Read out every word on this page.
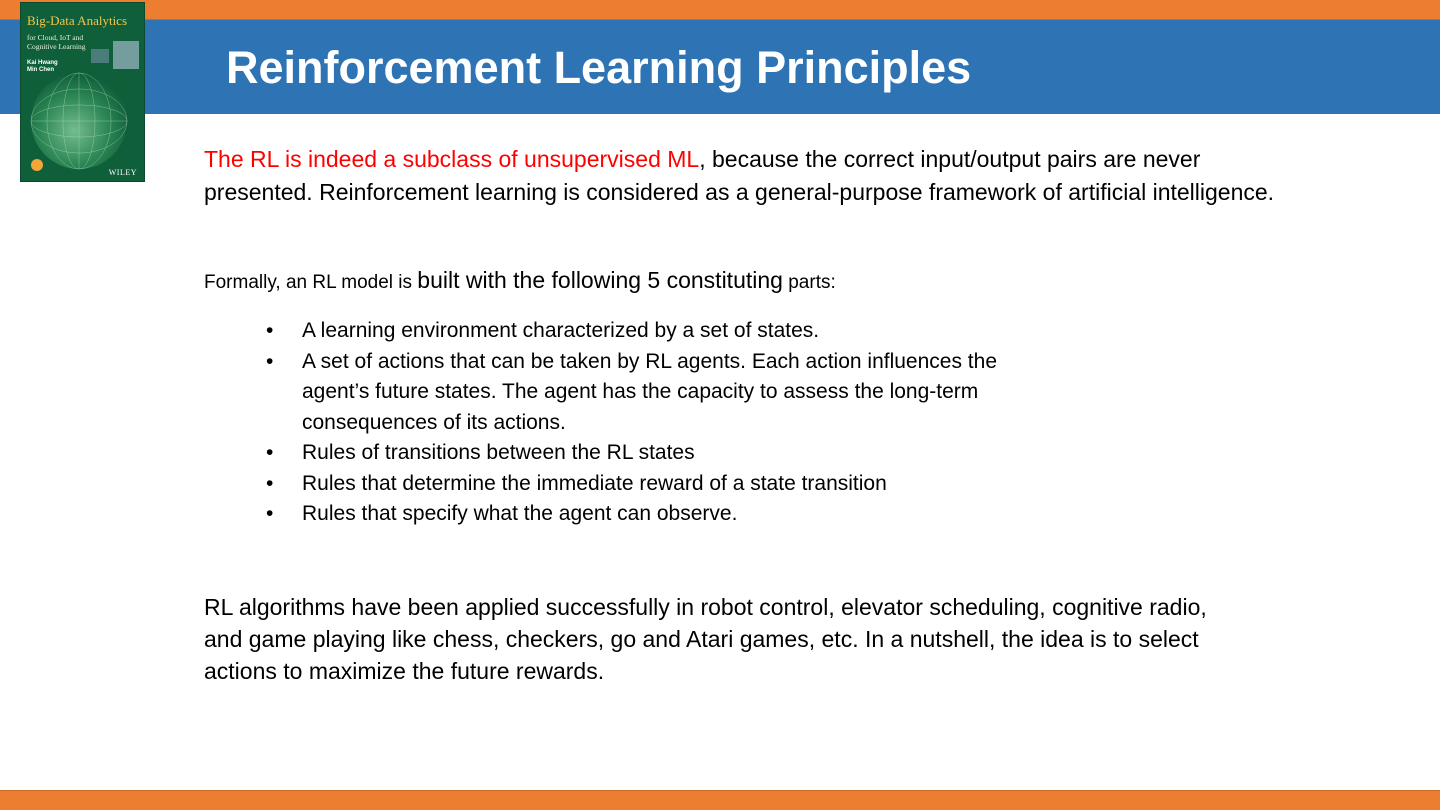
Reinforcement Learning Principles
Big-Data Analytics
for Cloud, IoT and Cognitive Learning
Kai Hwang
Min Chen
WILEY

The RL is indeed a subclass of unsupervised ML, because the correct input/output pairs are never presented. Reinforcement learning is considered as a general-purpose framework of artificial intelligence.

Formally, an RL model is built with the following 5 constituting parts:

• A learning environment characterized by a set of states.
• A set of actions that can be taken by RL agents. Each action influences the agent’s future states. The agent has the capacity to assess the long-term consequences of its actions.
• Rules of transitions between the RL states
• Rules that determine the immediate reward of a state transition
• Rules that specify what the agent can observe.

RL algorithms have been applied successfully in robot control, elevator scheduling, cognitive radio, and game playing like chess, checkers, go and Atari games, etc. In a nutshell, the idea is to select actions to maximize the future rewards.
